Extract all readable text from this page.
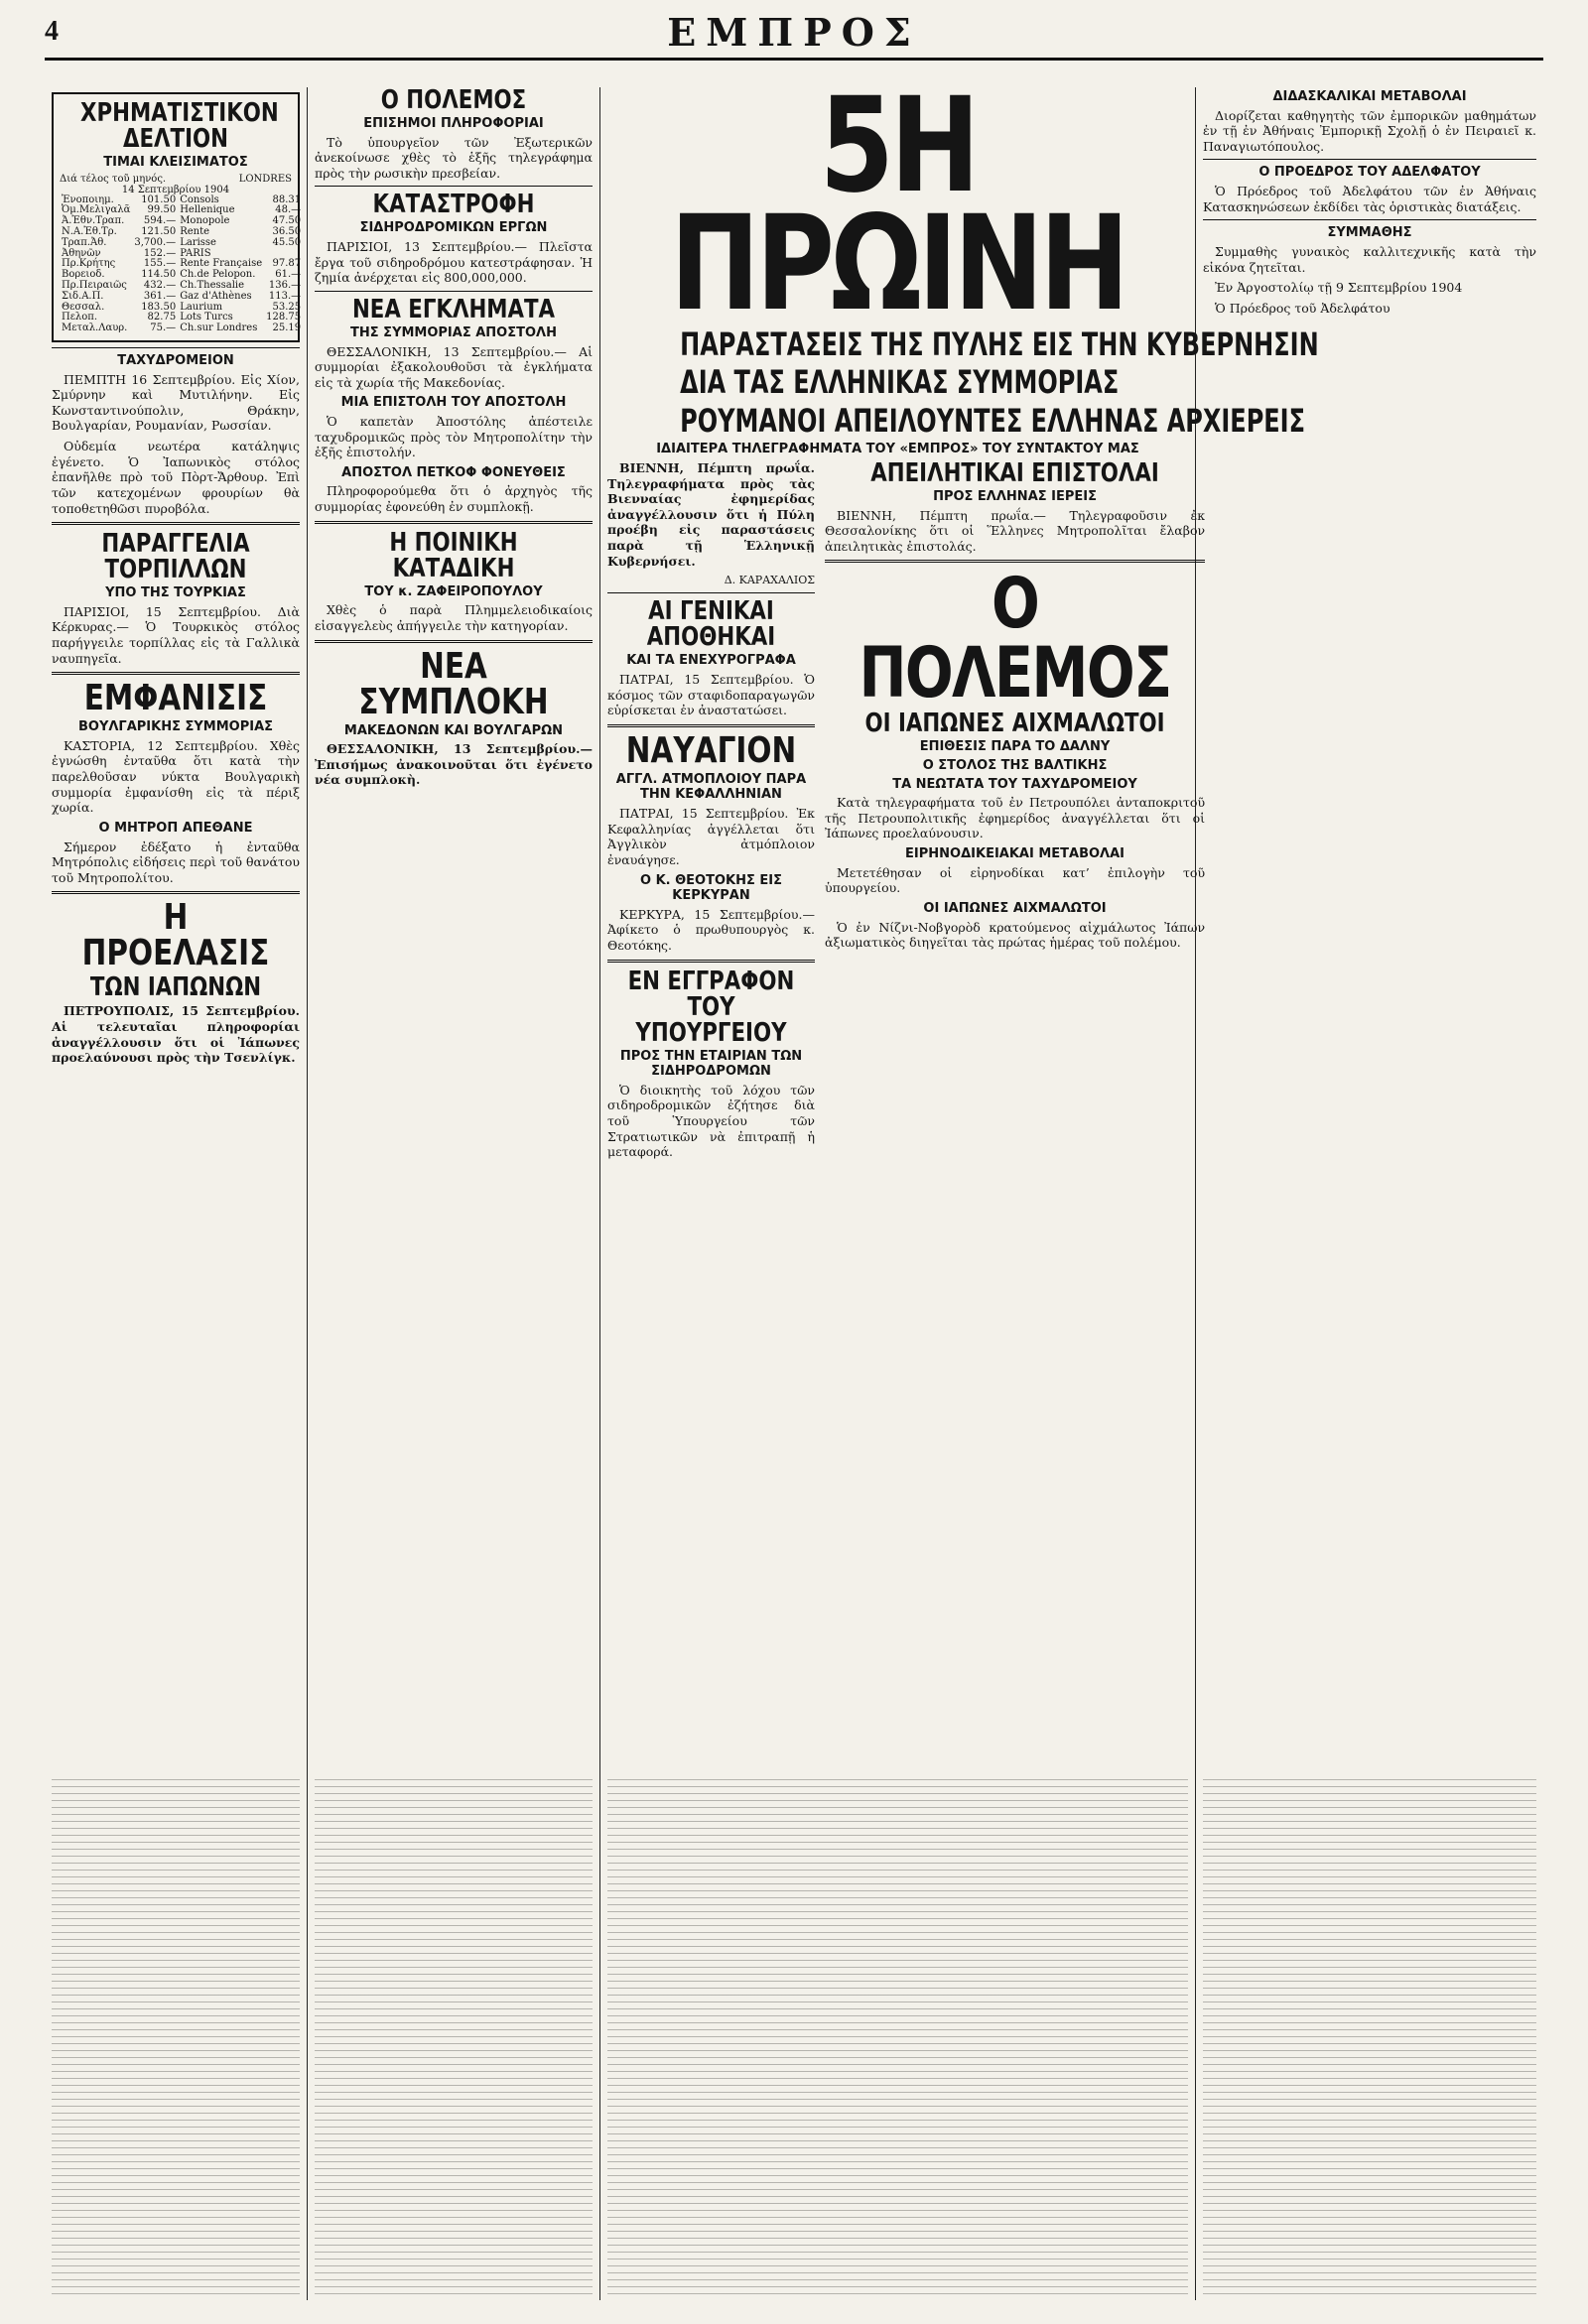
4	ΕΜΠΡΟΣ
ΧΡΗΜΑΤΙΣΤΙΚΟΝ ΔΕΛΤΙΟΝ
ΤΙΜΑΙ ΚΛΕΙΣΙΜΑΤΟΣ
Διά τέλος τοῦ μηνός.	LONDRES
14 Σεπτεμβρίου 1904
Ἐνοποιημ.	101.50	Consols	88.31
Ὀμ.Μελιγαλᾶ	99.50	Hellenique	48.—
Ἀ.Ἐθν.Τραπ.	594.—	Monopole	47.50
Ν.Α.Ἐθ.Τρ.	121.50	Rente	36.50
Τραπ.Ἀθ.	3,700.—	Larisse	45.50
Ἀθηνῶν	152.—	PARIS	
Πρ.Κρήτης	155.—	Rente Française	97.87
Βορειοδ.	114.50	Ch.de Pelopon.	61.—
Πρ.Πειραιῶς	432.—	Ch.Thessalie	136.—
Σιδ.Α.Π.	361.—	Gaz d'Athènes	113.—
Θεσσαλ.	183.50	Laurium	53.25
Πελοπ.	82.75	Lots Turcs	128.75
Μεταλ.Λαυρ.	75.—	Ch.sur Londres	25.19
ΤΑΧΥΔΡΟΜΕΙΟΝ

ΠΕΜΠΤΗ 16 Σεπτεμβρίου. Εἰς Χίον, Σμύρνην καὶ Μυτιλήνην. Εἰς Κωνσταντινούπολιν, Θράκην, Βουλγαρίαν, Ρουμανίαν, Ρωσσίαν.

Οὐδεμία νεωτέρα κατάληψις ἐγένετο. Ὁ Ἰαπωνικὸς στόλος ἐπανῆλθε πρὸ τοῦ Πὸρτ-Ἄρθουρ. Ἐπὶ τῶν κατεχομένων φρουρίων θὰ τοποθετηθῶσι πυροβόλα.

ΠΑΡΑΓΓΕΛΙΑ ΤΟΡΠΙΛΛΩΝ
ΥΠΟ ΤΗΣ ΤΟΥΡΚΙΑΣ

ΠΑΡΙΣΙΟΙ, 15 Σεπτεμβρίου. Διὰ Κέρκυρας.— Ὁ Τουρκικὸς στόλος παρήγγειλε τορπίλλας εἰς τὰ Γαλλικὰ ναυπηγεῖα.

ΕΜΦΑΝΙΣΙΣ
ΒΟΥΛΓΑΡΙΚΗΣ ΣΥΜΜΟΡΙΑΣ

ΚΑΣΤΟΡΙΑ, 12 Σεπτεμβρίου. Χθὲς ἐγνώσθη ἐνταῦθα ὅτι κατὰ τὴν παρελθοῦσαν νύκτα Βουλγαρικὴ συμμορία ἐμφανίσθη εἰς τὰ πέριξ χωρία.

Ο ΜΗΤΡΟΠ ΑΠΕΘΑΝΕ

Σήμερον ἐδέξατο ἡ ἐνταῦθα Μητρόπολις εἰδήσεις περὶ τοῦ θανάτου τοῦ Μητροπολίτου.

Η ΠΡΟΕΛΑΣΙΣ
ΤΩΝ ΙΑΠΩΝΩΝ

ΠΕΤΡΟΥΠΟΛΙΣ, 15 Σεπτεμβρίου. Αἱ τελευταῖαι πληροφορίαι ἀναγγέλλουσιν ὅτι οἱ Ἰάπωνες προελαύνουσι πρὸς τὴν Τσενλίγκ.

Ο ΠΟΛΕΜΟΣ
ΕΠΙΣΗΜΟΙ ΠΛΗΡΟΦΟΡΙΑΙ

Τὸ ὑπουργεῖον τῶν Ἐξωτερικῶν ἀνεκοίνωσε χθὲς τὸ ἑξῆς τηλεγράφημα πρὸς τὴν ρωσικὴν πρεσβείαν.

ΚΑΤΑΣΤΡΟΦΗ
ΣΙΔΗΡΟΔΡΟΜΙΚΩΝ ΕΡΓΩΝ

ΠΑΡΙΣΙΟΙ, 13 Σεπτεμβρίου.— Πλεῖστα ἔργα τοῦ σιδηροδρόμου κατεστράφησαν. Ἡ ζημία ἀνέρχεται εἰς 800,000,000.

ΝΕΑ ΕΓΚΛΗΜΑΤΑ
ΤΗΣ ΣΥΜΜΟΡΙΑΣ ΑΠΟΣΤΟΛΗ

ΘΕΣΣΑΛΟΝΙΚΗ, 13 Σεπτεμβρίου.— Αἱ συμμορίαι ἐξακολουθοῦσι τὰ ἐγκλήματα εἰς τὰ χωρία τῆς Μακεδονίας.

ΜΙΑ ΕΠΙΣΤΟΛΗ ΤΟΥ ΑΠΟΣΤΟΛΗ

Ὁ καπετὰν Ἀποστόλης ἀπέστειλε ταχυδρομικῶς πρὸς τὸν Μητροπολίτην τὴν ἑξῆς ἐπιστολήν.

ΑΠΟΣΤΟΛ ΠΕΤΚΟΦ ΦΟΝΕΥΘΕΙΣ

Πληροφορούμεθα ὅτι ὁ ἀρχηγὸς τῆς συμμορίας ἐφονεύθη ἐν συμπλοκῇ.

Η ΠΟΙΝΙΚΗ ΚΑΤΑΔΙΚΗ
ΤΟΥ κ. ΖΑΦΕΙΡΟΠΟΥΛΟΥ

Χθὲς ὁ παρὰ Πλημμελειοδικαίοις εἰσαγγελεὺς ἀπήγγειλε τὴν κατηγορίαν.

ΝΕΑ ΣΥΜΠΛΟΚΗ
ΜΑΚΕΔΟΝΩΝ ΚΑΙ ΒΟΥΛΓΑΡΩΝ

ΘΕΣΣΑΛΟΝΙΚΗ, 13 Σεπτεμβρίου.— Ἐπισήμως ἀνακοινοῦται ὅτι ἐγένετο νέα συμπλοκὴ.

5Η ΠΡΩΙΝΗ
ΠΑΡΑΣΤΑΣΕΙΣ ΤΗΣ ΠΥΛΗΣ ΕΙΣ ΤΗΝ ΚΥΒΕΡΝΗΣΙΝ
ΔΙΑ ΤΑΣ ΕΛΛΗΝΙΚΑΣ ΣΥΜΜΟΡΙΑΣ
ΡΟΥΜΑΝΟΙ ΑΠΕΙΛΟΥΝΤΕΣ ΕΛΛΗΝΑΣ ΑΡΧΙΕΡΕΙΣ
ΙΔΙΑΙΤΕΡΑ ΤΗΛΕΓΡΑΦΗΜΑΤΑ ΤΟΥ «ΕΜΠΡΟΣ» ΤΟΥ ΣΥΝΤΑΚΤΟΥ ΜΑΣ

ΒΙΕΝΝΗ, Πέμπτη πρωΐα. Τηλεγραφήματα πρὸς τὰς Βιενναίας ἐφημερίδας ἀναγγέλλουσιν ὅτι ἡ Πύλη προέβη εἰς παραστάσεις παρὰ τῇ Ἑλληνικῇ Κυβερνήσει.

Δ. ΚΑΡΑΧΑΛΙΟΣ
ΑΙ ΓΕΝΙΚΑΙ ΑΠΟΘΗΚΑΙ
ΚΑΙ ΤΑ ΕΝΕΧΥΡΟΓΡΑΦΑ

ΠΑΤΡΑΙ, 15 Σεπτεμβρίου. Ὁ κόσμος τῶν σταφιδοπαραγωγῶν εὑρίσκεται ἐν ἀναστατώσει.

ΝΑΥΑΓΙΟΝ
ΑΓΓΛ. ΑΤΜΟΠΛΟΙΟΥ ΠΑΡΑ ΤΗΝ ΚΕΦΑΛΛΗΝΙΑΝ

ΠΑΤΡΑΙ, 15 Σεπτεμβρίου. Ἐκ Κεφαλληνίας ἀγγέλλεται ὅτι Ἀγγλικὸν ἀτμόπλοιον ἐναυάγησε.

Ο Κ. ΘΕΟΤΟΚΗΣ ΕΙΣ ΚΕΡΚΥΡΑΝ

ΚΕΡΚΥΡΑ, 15 Σεπτεμβρίου.— Ἀφίκετο ὁ πρωθυπουργὸς κ. Θεοτόκης.

ΕΝ ΕΓΓΡΑΦΟΝ ΤΟΥ ΥΠΟΥΡΓΕΙΟΥ
ΠΡΟΣ ΤΗΝ ΕΤΑΙΡΙΑΝ ΤΩΝ ΣΙΔΗΡΟΔΡΟΜΩΝ

Ὁ διοικητὴς τοῦ λόχου τῶν σιδηροδρομικῶν ἐζήτησε διὰ τοῦ Ὑπουργείου τῶν Στρατιωτικῶν νὰ ἐπιτραπῇ ἡ μεταφορά.

ΑΠΕΙΛΗΤΙΚΑΙ ΕΠΙΣΤΟΛΑΙ
ΠΡΟΣ ΕΛΛΗΝΑΣ ΙΕΡΕΙΣ

ΒΙΕΝΝΗ, Πέμπτη πρωΐα.— Τηλεγραφοῦσιν ἐκ Θεσσαλονίκης ὅτι οἱ Ἕλληνες Μητροπολῖται ἔλαβον ἀπειλητικὰς ἐπιστολάς.

Ο ΠΟΛΕΜΟΣ
ΟΙ ΙΑΠΩΝΕΣ ΑΙΧΜΑΛΩΤΟΙ
ΕΠΙΘΕΣΙΣ ΠΑΡΑ ΤΟ ΔΑΛΝΥ
Ο ΣΤΟΛΟΣ ΤΗΣ ΒΑΛΤΙΚΗΣ
ΤΑ ΝΕΩΤΑΤΑ ΤΟΥ ΤΑΧΥΔΡΟΜΕΙΟΥ

Κατὰ τηλεγραφήματα τοῦ ἐν Πετρουπόλει ἀνταποκριτοῦ τῆς Πετρουπολιτικῆς ἐφημερίδος ἀναγγέλλεται ὅτι οἱ Ἰάπωνες προελαύνουσιν.

ΕΙΡΗΝΟΔΙΚΕΙΑΚΑΙ ΜΕΤΑΒΟΛΑΙ

Μετετέθησαν οἱ εἰρηνοδίκαι κατ’ ἐπιλογὴν τοῦ ὑπουργείου.

ΟΙ ΙΑΠΩΝΕΣ ΑΙΧΜΑΛΩΤΟΙ

Ὁ ἐν Νίζνι-Νοβγορὸδ κρατούμενος αἰχμάλωτος Ἰάπων ἀξιωματικὸς διηγεῖται τὰς πρώτας ἡμέρας τοῦ πολέμου.

ΔΙΔΑΣΚΑΛΙΚΑΙ ΜΕΤΑΒΟΛΑΙ

Διορίζεται καθηγητὴς τῶν ἐμπορικῶν μαθημάτων ἐν τῇ ἐν Ἀθήναις Ἐμπορικῇ Σχολῇ ὁ ἐν Πειραιεῖ κ. Παναγιωτόπουλος.

Ο ΠΡΟΕΔΡΟΣ ΤΟΥ ΑΔΕΛΦΑΤΟΥ

Ὁ Πρόεδρος τοῦ Ἀδελφάτου τῶν ἐν Ἀθήναις Κατασκηνώσεων ἐκδίδει τὰς ὁριστικὰς διατάξεις.

ΣΥΜΜΑΘΗΣ

Συμμαθὴς γυναικὸς καλλιτεχνικῆς κατὰ τὴν εἰκόνα ζητεῖται.

Ἐν Ἀργοστολίῳ τῇ 9 Σεπτεμβρίου 1904

Ὁ Πρόεδρος τοῦ Ἀδελφάτου
